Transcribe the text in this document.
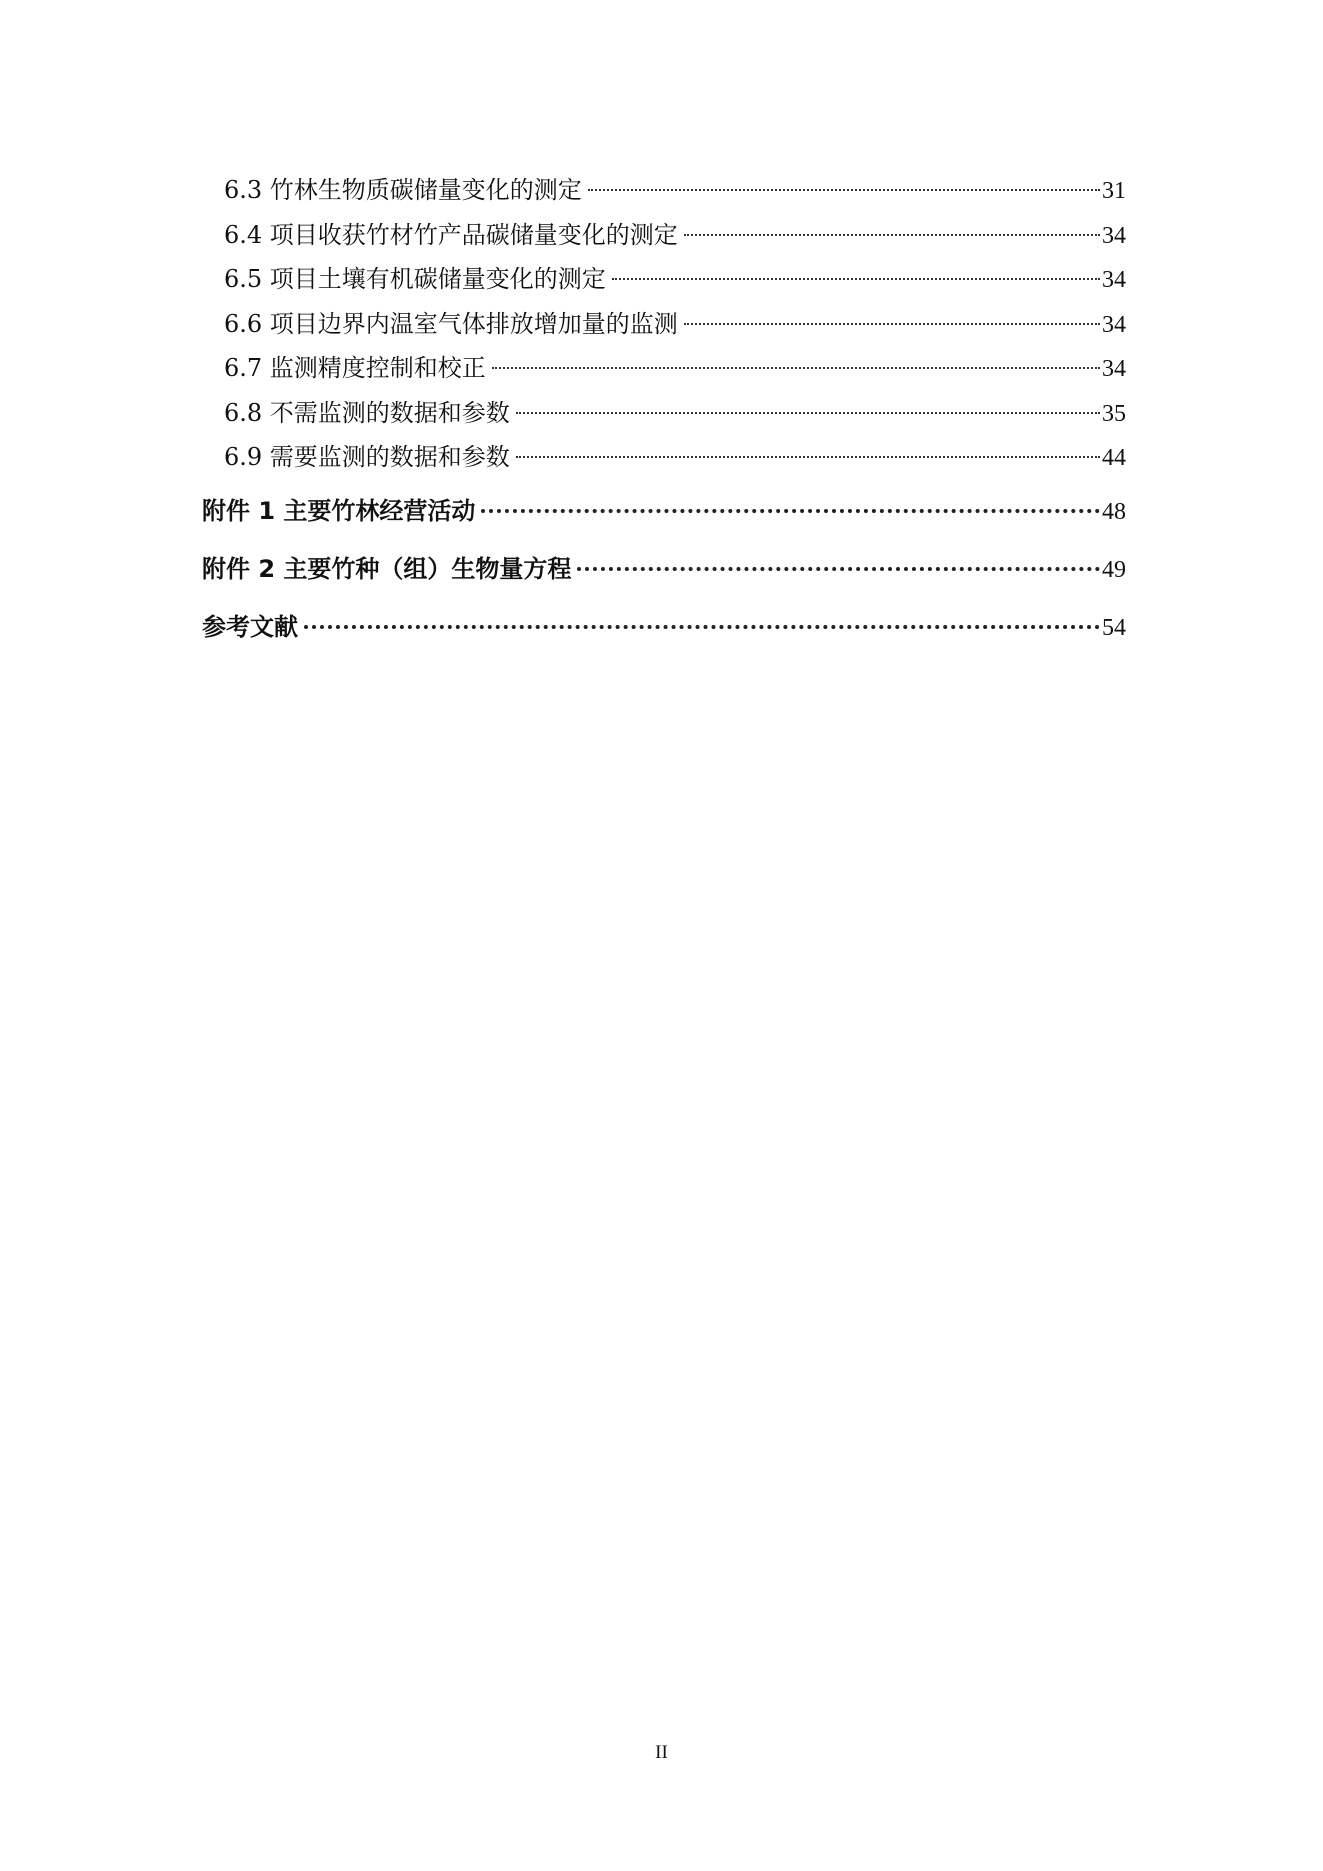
6.3 竹林生物质碳储量变化的测定	31
6.4 项目收获竹材竹产品碳储量变化的测定	34
6.5 项目土壤有机碳储量变化的测定	34
6.6 项目边界内温室气体排放增加量的监测	34
6.7 监测精度控制和校正	34
6.8 不需监测的数据和参数	35
6.9 需要监测的数据和参数	44
附件 1 主要竹林经营活动	48
附件 2 主要竹种（组）生物量方程	49
参考文献	54
II
